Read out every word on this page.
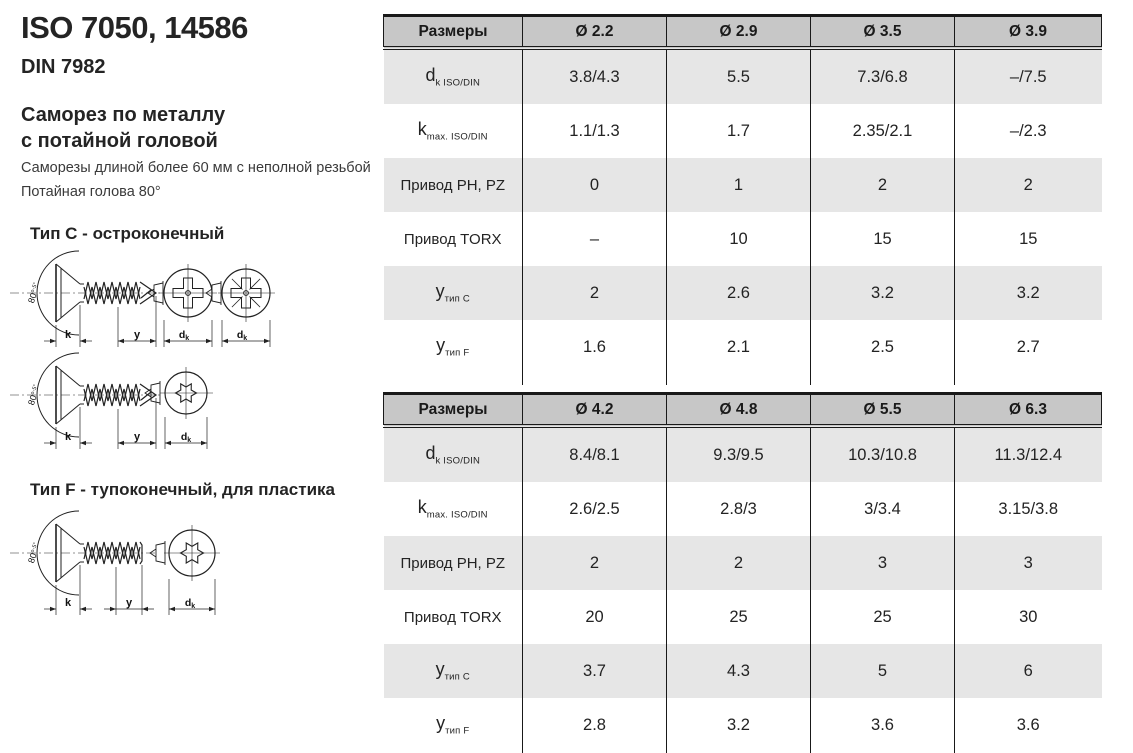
ISO 7050, 14586
DIN 7982
Саморез по металлу
с потайной головой
Саморезы длиной более 60 мм с неполной резьбой
Потайная голова 80°
Тип C - остроконечный
Тип F - тупоконечный, для пластика
80°$^{-5^\circ}$
k	y	dk	dk
80°$^{-5^\circ}$
k	y	dk
80°$^{-5^\circ}$
k	y	dk
Размеры	Ø 2.2	Ø 2.9	Ø 3.5	Ø 3.9
$d_{k ISO/DIN}$	3.8/4.3	5.5	7.3/6.8	–/7.5
$k_{max. ISO/DIN}$	1.1/1.3	1.7	2.35/2.1	–/2.3
Привод PH, PZ	0	1	2	2
Привод TORX	–	10	15	15
$y_{тип C}$	2	2.6	3.2	3.2
$y_{тип F}$	1.6	2.1	2.5	2.7

Размеры	Ø 4.2	Ø 4.8	Ø 5.5	Ø 6.3
$d_{k ISO/DIN}$	8.4/8.1	9.3/9.5	10.3/10.8	11.3/12.4
$k_{max. ISO/DIN}$	2.6/2.5	2.8/3	3/3.4	3.15/3.8
Привод PH, PZ	2	2	3	3
Привод TORX	20	25	25	30
$y_{тип C}$	3.7	4.3	5	6
$y_{тип F}$	2.8	3.2	3.6	3.6
